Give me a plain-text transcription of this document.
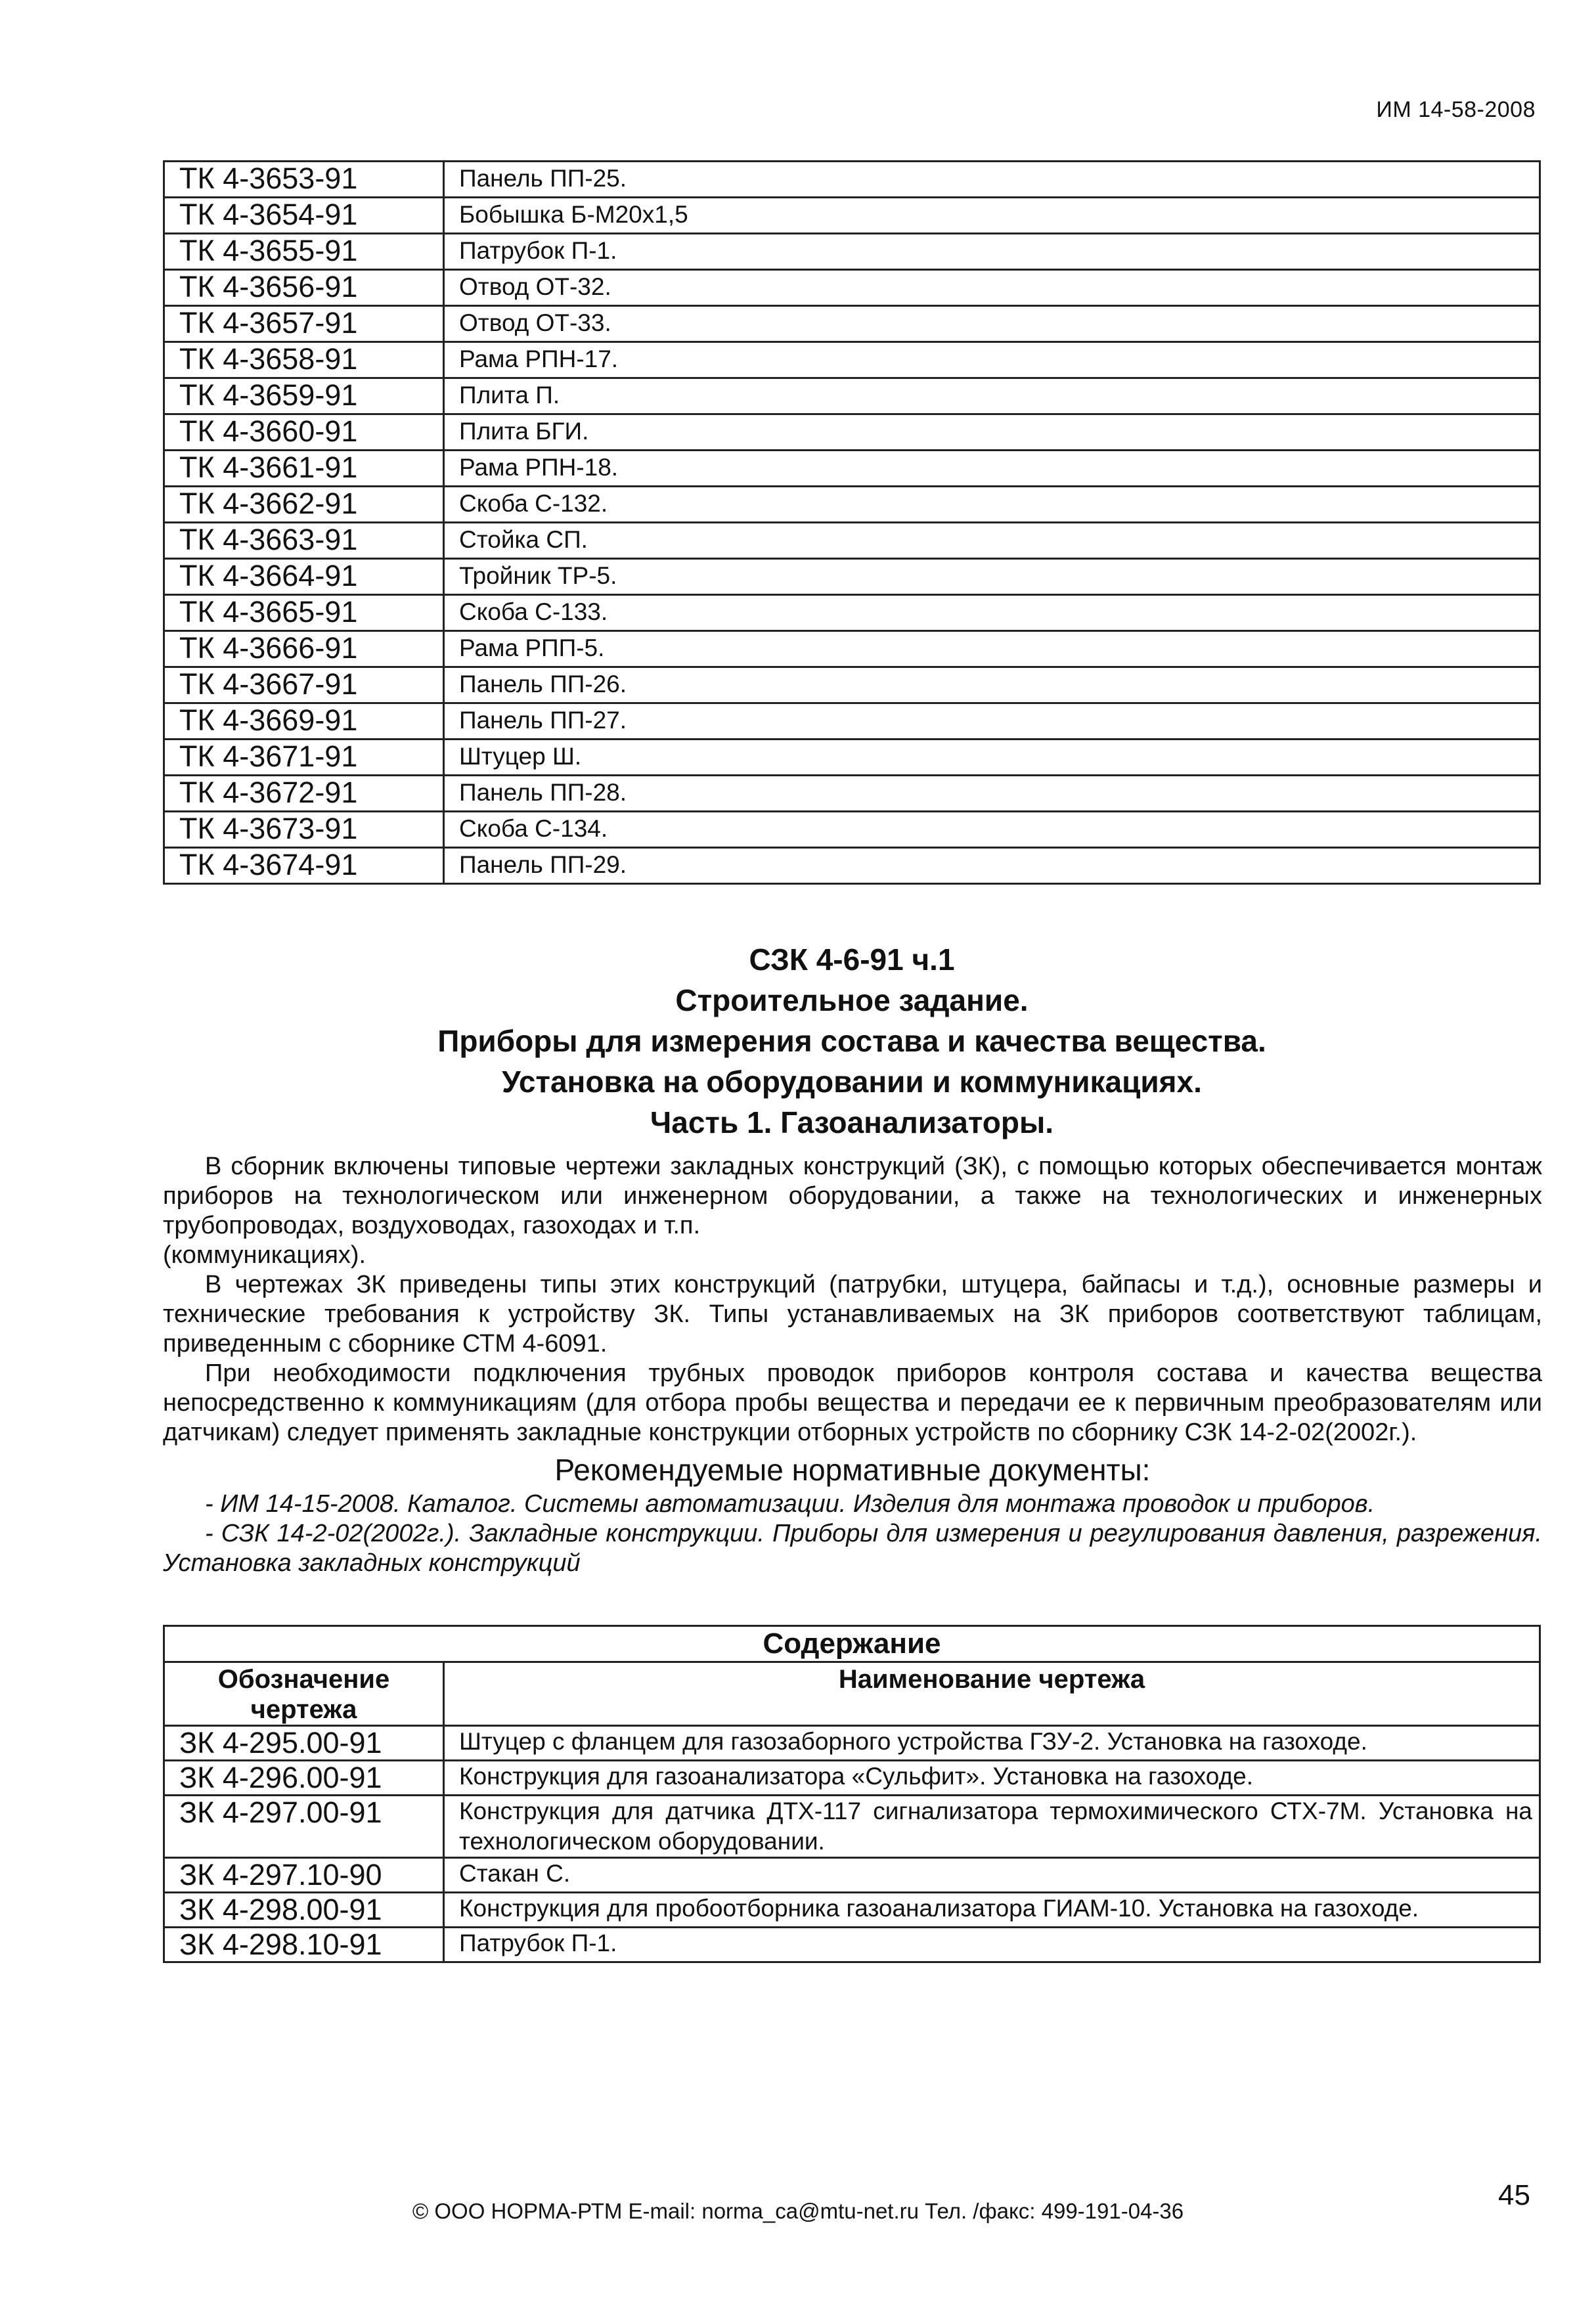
ИМ 14-58-2008
ТК 4-3653-91	Панель ПП-25.
ТК 4-3654-91	Бобышка Б-М20х1,5
ТК 4-3655-91	Патрубок П-1.
ТК 4-3656-91	Отвод ОТ-32.
ТК 4-3657-91	Отвод ОТ-33.
ТК 4-3658-91	Рама РПН-17.
ТК 4-3659-91	Плита П.
ТК 4-3660-91	Плита БГИ.
ТК 4-3661-91	Рама РПН-18.
ТК 4-3662-91	Скоба С-132.
ТК 4-3663-91	Стойка СП.
ТК 4-3664-91	Тройник ТР-5.
ТК 4-3665-91	Скоба С-133.
ТК 4-3666-91	Рама РПП-5.
ТК 4-3667-91	Панель ПП-26.
ТК 4-3669-91	Панель ПП-27.
ТК 4-3671-91	Штуцер Ш.
ТК 4-3672-91	Панель ПП-28.
ТК 4-3673-91	Скоба С-134.
ТК 4-3674-91	Панель ПП-29.
СЗК 4-6-91 ч.1
Строительное задание.
Приборы для измерения состава и качества вещества.
Установка на оборудовании и коммуникациях.
Часть 1. Газоанализаторы.

В сборник включены типовые чертежи закладных конструкций (ЗК), с помощью которых обеспечивается монтаж приборов на технологическом или инженерном оборудовании, а также на технологических и инженерных трубопроводах, воздуховодах, газоходах и т.п.

(коммуникациях).

В чертежах ЗК приведены типы этих конструкций (патрубки, штуцера, байпасы и т.д.), основные размеры и технические требования к устройству ЗК. Типы устанавливаемых на ЗК приборов соответствуют таблицам, приведенным с сборнике СТМ 4-6091.

При необходимости подключения трубных проводок приборов контроля состава и качества вещества непосредственно к коммуникациям (для отбора пробы вещества и передачи ее к первичным преобразователям или датчикам) следует применять закладные конструкции отборных устройств по сборнику СЗК 14-2-02(2002г.).

Рекомендуемые нормативные документы:

- ИМ 14-15-2008. Каталог. Системы автоматизации. Изделия для монтажа проводок и приборов.

- СЗК 14-2-02(2002г.). Закладные конструкции. Приборы для измерения и регулирования давления, разрежения. Установка закладных конструкций

Содержание	
Обозначение чертежа	Наименование чертежа
ЗК 4-295.00-91	Штуцер с фланцем для газозаборного устройства ГЗУ-2. Установка на газоходе.
ЗК 4-296.00-91	Конструкция для газоанализатора «Сульфит». Установка на газоходе.
ЗК 4-297.00-91	Конструкция для датчика ДТХ-117 сигнализатора термохимического СТХ-7М. Установка на технологическом оборудовании.
ЗК 4-297.10-90	Стакан С.
ЗК 4-298.00-91	Конструкция для пробоотборника газоанализатора ГИАМ-10. Установка на газоходе.
ЗК 4-298.10-91	Патрубок П-1.
© ООО НОРМА-РТМ E-mail: norma_ca@mtu-net.ru Тел. /факс: 499-191-04-36	45
